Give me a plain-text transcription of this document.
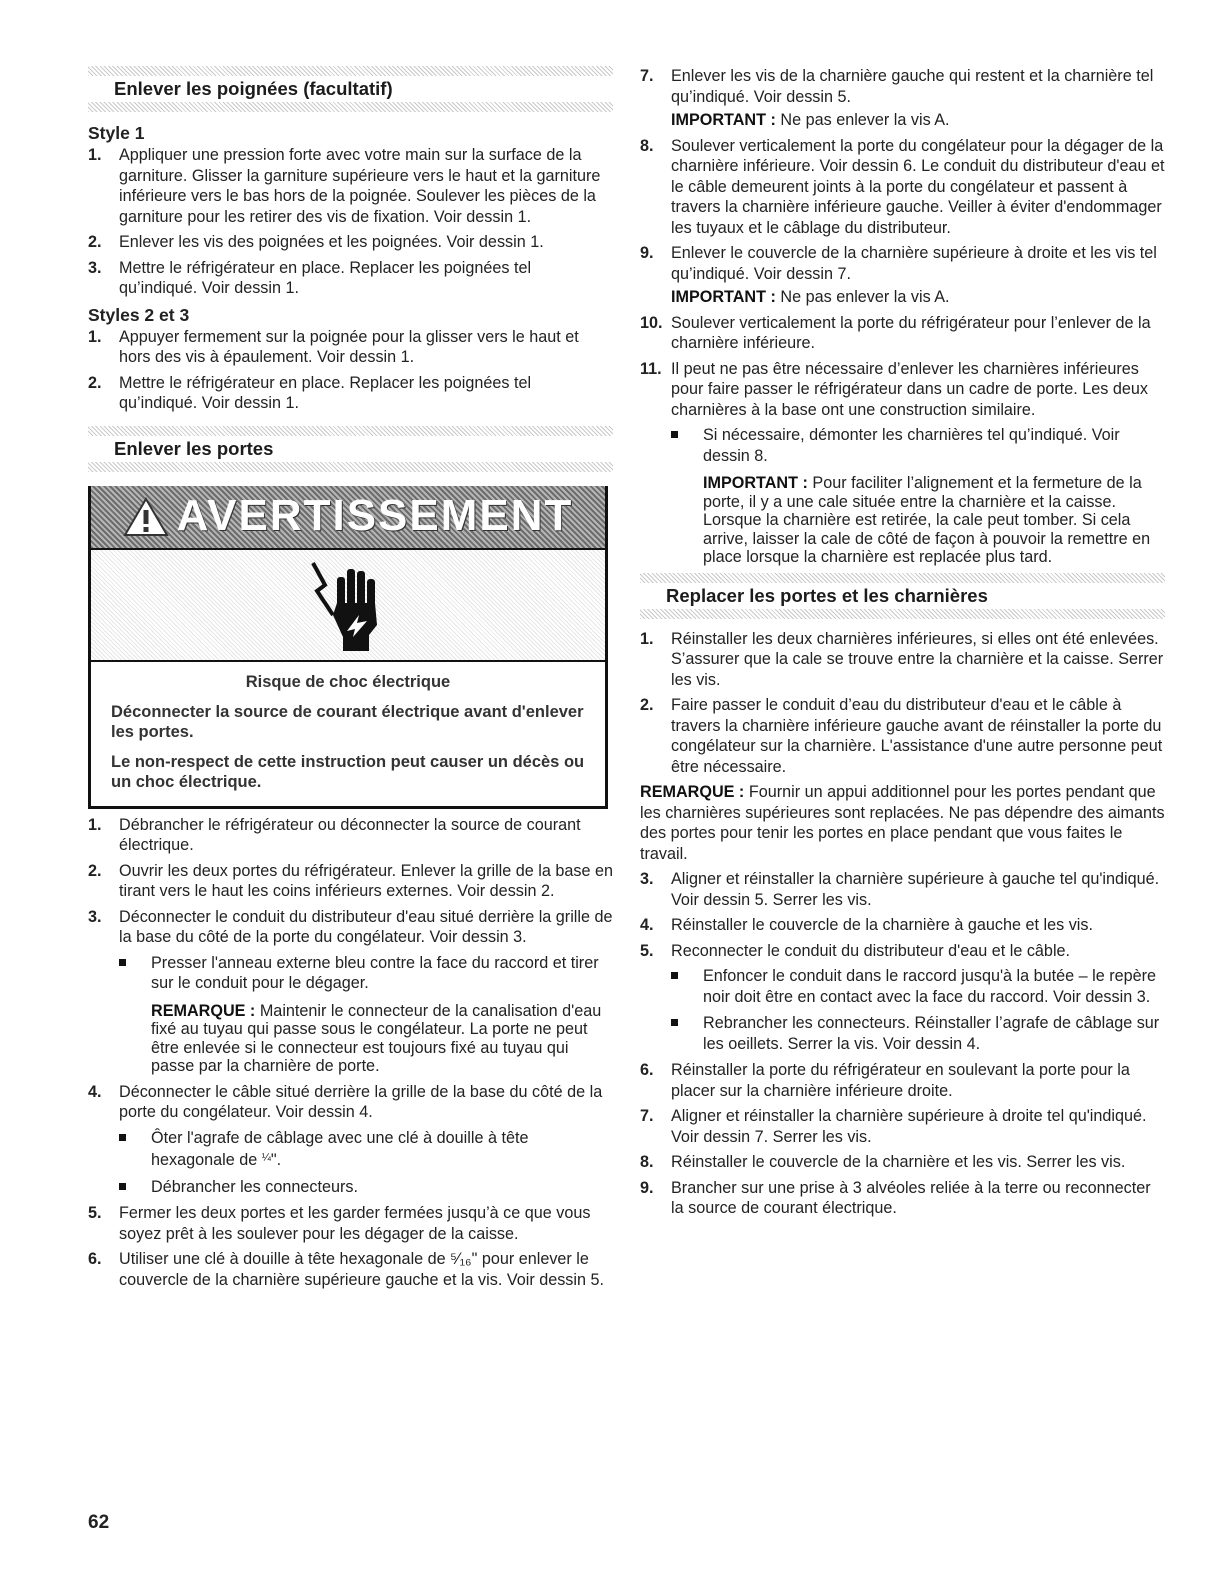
Enlever les poignées (facultatif)
Style 1
1. Appliquer une pression forte avec votre main sur la surface de la garniture. Glisser la garniture supérieure vers le haut et la garniture inférieure vers le bas hors de la poignée. Soulever les pièces de la garniture pour les retirer des vis de fixation. Voir dessin 1.
2. Enlever les vis des poignées et les poignées. Voir dessin 1.
3. Mettre le réfrigérateur en place. Replacer les poignées tel qu’indiqué. Voir dessin 1.
Styles 2 et 3
1. Appuyer fermement sur la poignée pour la glisser vers le haut et hors des vis à épaulement. Voir dessin 1.
2. Mettre le réfrigérateur en place. Replacer les poignées tel qu’indiqué. Voir dessin 1.
Enlever les portes
AVERTISSEMENT
Risque de choc électrique
Déconnecter la source de courant électrique avant d'enlever les portes.
Le non-respect de cette instruction peut causer un décès ou un choc électrique.
1. Débrancher le réfrigérateur ou déconnecter la source de courant électrique.
2. Ouvrir les deux portes du réfrigérateur. Enlever la grille de la base en tirant vers le haut les coins inférieurs externes. Voir dessin 2.
3. Déconnecter le conduit du distributeur d'eau situé derrière la grille de la base du côté de la porte du congélateur. Voir dessin 3.
Presser l'anneau externe bleu contre la face du raccord et tirer sur le conduit pour le dégager.
REMARQUE : Maintenir le connecteur de la canalisation d'eau fixé au tuyau qui passe sous le congélateur. La porte ne peut être enlevée si le connecteur est toujours fixé au tuyau qui passe par la charnière de porte.
4. Déconnecter le câble situé derrière la grille de la base du côté de la porte du congélateur. Voir dessin 4.
Ôter l'agrafe de câblage avec une clé à douille à tête hexagonale de $^{\frac{1}{4}}$".
Débrancher les connecteurs.
5. Fermer les deux portes et les garder fermées jusqu’à ce que vous soyez prêt à les soulever pour les dégager de la caisse.
6. Utiliser une clé à douille à tête hexagonale de ⁵⁄₁₆" pour enlever le couvercle de la charnière supérieure gauche et la vis. Voir dessin 5.
7. Enlever les vis de la charnière gauche qui restent et la charnière tel qu’indiqué. Voir dessin 5.
IMPORTANT : Ne pas enlever la vis A.
8. Soulever verticalement la porte du congélateur pour la dégager de la charnière inférieure. Voir dessin 6. Le conduit du distributeur d'eau et le câble demeurent joints à la porte du congélateur et passent à travers la charnière inférieure gauche. Veiller à éviter d'endommager les tuyaux et le câblage du distributeur.
9. Enlever le couvercle de la charnière supérieure à droite et les vis tel qu’indiqué. Voir dessin 7.
IMPORTANT : Ne pas enlever la vis A.
10. Soulever verticalement la porte du réfrigérateur pour l’enlever de la charnière inférieure.
11. Il peut ne pas être nécessaire d’enlever les charnières inférieures pour faire passer le réfrigérateur dans un cadre de porte. Les deux charnières à la base ont une construction similaire.
Si nécessaire, démonter les charnières tel qu’indiqué. Voir dessin 8.
IMPORTANT : Pour faciliter l’alignement et la fermeture de la porte, il y a une cale située entre la charnière et la caisse. Lorsque la charnière est retirée, la cale peut tomber. Si cela arrive, laisser la cale de côté de façon à pouvoir la remettre en place lorsque la charnière est replacée plus tard.
Replacer les portes et les charnières
1. Réinstaller les deux charnières inférieures, si elles ont été enlevées. S’assurer que la cale se trouve entre la charnière et la caisse. Serrer les vis.
2. Faire passer le conduit d’eau du distributeur d'eau et le câble à travers la charnière inférieure gauche avant de réinstaller la porte du congélateur sur la charnière. L'assistance d'une autre personne peut être nécessaire.
REMARQUE : Fournir un appui additionnel pour les portes pendant que les charnières supérieures sont replacées. Ne pas dépendre des aimants des portes pour tenir les portes en place pendant que vous faites le travail.
3. Aligner et réinstaller la charnière supérieure à gauche tel qu'indiqué. Voir dessin 5. Serrer les vis.
4. Réinstaller le couvercle de la charnière à gauche et les vis.
5. Reconnecter le conduit du distributeur d'eau et le câble.
Enfoncer le conduit dans le raccord jusqu'à la butée – le repère noir doit être en contact avec la face du raccord. Voir dessin 3.
Rebrancher les connecteurs. Réinstaller l’agrafe de câblage sur les oeillets. Serrer la vis. Voir dessin 4.
6. Réinstaller la porte du réfrigérateur en soulevant la porte pour la placer sur la charnière inférieure droite.
7. Aligner et réinstaller la charnière supérieure à droite tel qu'indiqué. Voir dessin 7. Serrer les vis.
8. Réinstaller le couvercle de la charnière et les vis. Serrer les vis.
9. Brancher sur une prise à 3 alvéoles reliée à la terre ou reconnecter la source de courant électrique.
62
